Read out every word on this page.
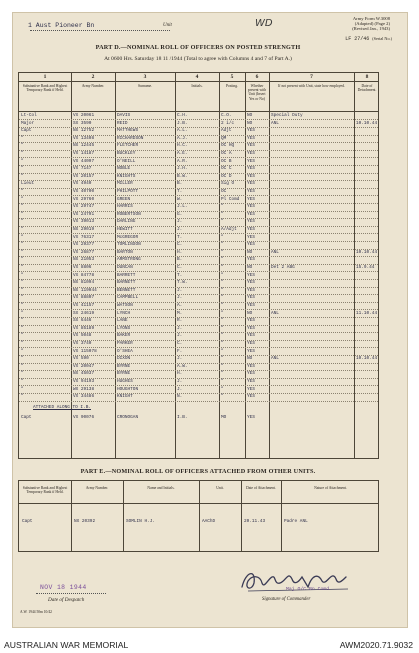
1 Aust Pioneer Bn	Unit	WD	Army Form W.3008
(Adapted) (Page 2)
(Revised Jan., 1943)
LF 27/46 (Serial No.)
PART D.—NOMINAL ROLL OF OFFICERS ON POSTED STRENGTH
At 0600 Hrs. Saturday 18 11 /1944 (Total to agree with Columns 4 and 7 of Part A.)
1	2	3	4	5	6	7	8
Substantive Rank and Highest Temporary Rank if Held.
Army Number.	Surname.	Initials.	Posting.	Whether present with Unit (Insert Yes or No)
If not present with Unit, state how employed.	Date of Detachment.
Lt-Col	VX 20061	DAVIS	C.H.	C.O.	NO	Special Duty
Major	SX 3590	REID	J.B.	2 i/c	NO	ANL	10.10.44
Capt	NX 12752	MATTHEWS	A.L.	Adjt	YES
"	VX 13408	RICHARDSON	A.J.	QM	YES
"	NX 12445	FLETCHER	H.C.	OC HQ	YES
"	VX 14187	BUCKLEY	A.E.	OC A	YES
"	VX 44097	O'NEILL	A.R.	OC B	YES
"	VX 7147	NOBLE	J.H.	OC C	YES
"	VX 20157	KNIGHTS	B.W.	OC D	YES
Lieut	VX 4940	MILLER	B.	Sig O	YES
"	VX 40700	PHILPOTT	T.	OC	YES
"	VX 29760	GREEN	W.	Pl Comd	YES
"	VX 29747	HARRIS	J.L.	"	YES
"	VX 24791	ROBERTSON	G.	"	YES
"	VX 39013	DARLING	J.	"	YES
"	NX 29019	HEWITT	J.	A/Adjt	YES
"	VX 76317	McGREGOR	T.	"	YES
"	VX 29377	TOMLINSON	C.	"	YES
"	VX 26877	BARTON	H.	"	NO	ANL	10.10.44
"	NX 21053	ARMSTRONG	B.	"	YES
"	VX 8806	DUNCAN	C.	"	NO	Det 2 ABG	15.9.44
"	VX 84778	BARRETT	T.	"	YES
"	NX 81094	BARNETT	T.W.	"	YES
"	NX 119044	BENNETT	J.	"	YES
"	VX 88807	CAMPBELL	J.	"	YES
"	VX 41157	WATSON	A.	"	YES
"	SX 24619	LYNCH	M.	"	NO	ANL	11.10.44
"	SX 6446	LANE	R.	"	YES
"	VX 85189	LYONS	J.	"	YES
"	VX 5048	BAKER	J.	"	YES
"	VX 3740	PARKER	C.	"	YES
"	VX 115078	O'SHEA	F.	"	YES
"	VX 590	DIXON	J.	"	NO	ANL	10.10.44
"	VX 20047	BYRNE	A.W.	"	YES
"	NX 45037	BYRNE	H.	"	YES
"	VX 94193	HUGHES	J.	"	YES
"	WX 29138	HOUGHTON	J.	"	YES
"	VX 34486	KNIGHT	N.	"	YES
ATTACHED ALONG TO I.B.
Capt	VX 90076	CRONOGAN	I.B.	MO	YES
PART E.—NOMINAL ROLL OF OFFICERS ATTACHED FROM OTHER UNITS.
Substantive Rank and Highest Temporary Rank if Held.
Army Number.	Name and Initials.	Unit.	Date of Attachment.	Nature of Attachment.
Capt	NX 20392	SOMLIN H.J.	AAChD	20.11.43	Padre ANL
NOV 18 1944
Date of Despatch
A.W. 1944 50m 10/42
Maj O/C Bn Comd
Signature of Commander
AUSTRALIAN WAR MEMORIAL	AWM2020.71.9032
